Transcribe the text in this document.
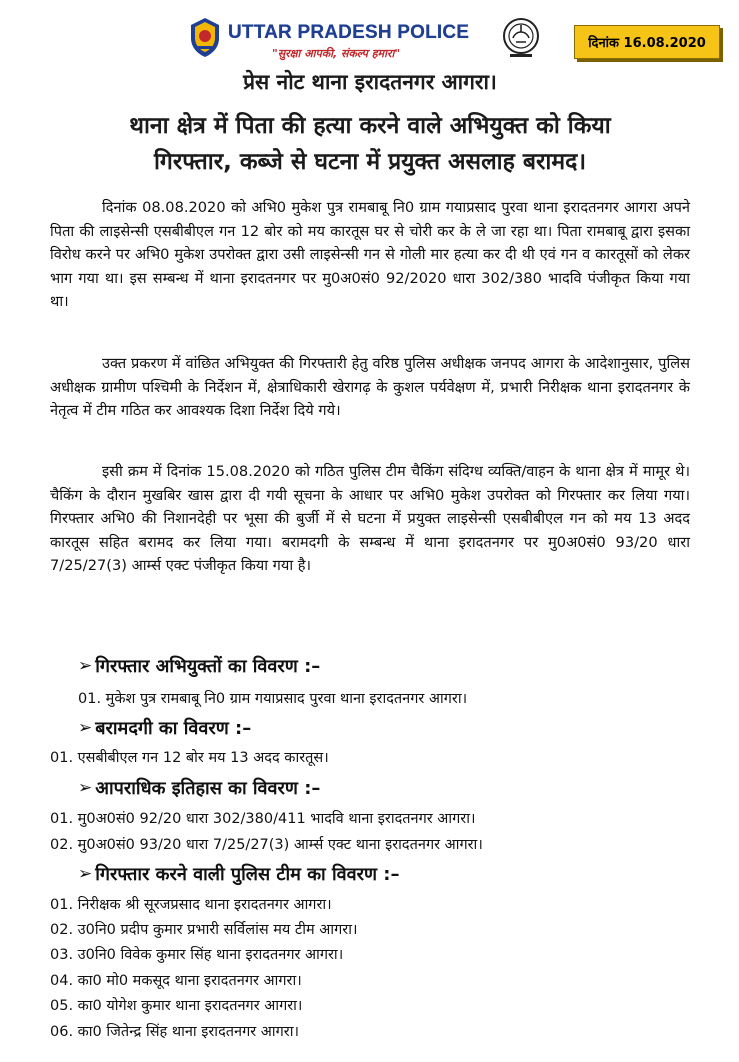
UTTAR PRADESH POLICE
"सुरक्षा आपकी, संकल्प हमारा"
दिनांक 16.08.2020
प्रेस नोट थाना इरादतनगर आगरा।
थाना क्षेत्र में पिता की हत्या करने वाले अभियुक्त को किया
गिरफ्तार, कब्जे से घटना में प्रयुक्त असलाह बरामद।

दिनांक 08.08.2020 को अभि0 मुकेश पुत्र रामबाबू नि0 ग्राम गयाप्रसाद पुरवा थाना इरादतनगर आगरा अपने पिता की लाइसेन्सी एसबीबीएल गन 12 बोर को मय कारतूस घर से चोरी कर के ले जा रहा था। पिता रामबाबू द्वारा इसका विरोध करने पर अभि0 मुकेश उपरोक्त द्वारा उसी लाइसेन्सी गन से गोली मार हत्या कर दी थी एवं गन व कारतूसों को लेकर भाग गया था। इस सम्बन्ध में थाना इरादतनगर पर मु0अ0सं0 92/2020 धारा 302/380 भादवि पंजीकृत किया गया था।

उक्त प्रकरण में वांछित अभियुक्त की गिरफ्तारी हेतु वरिष्ठ पुलिस अधीक्षक जनपद आगरा के आदेशानुसार, पुलिस अधीक्षक ग्रामीण पश्चिमी के निर्देशन में, क्षेत्राधिकारी खेरागढ़ के कुशल पर्यवेक्षण में, प्रभारी निरीक्षक थाना इरादतनगर के नेतृत्व में टीम गठित कर आवश्यक दिशा निर्देश दिये गये।

इसी क्रम में दिनांक 15.08.2020 को गठित पुलिस टीम चैकिंग संदिग्ध व्यक्ति/वाहन के थाना क्षेत्र में मामूर थे। चैकिंग के दौरान मुखबिर खास द्वारा दी गयी सूचना के आधार पर अभि0 मुकेश उपरोक्त को गिरफ्तार कर लिया गया। गिरफ्तार अभि0 की निशानदेही पर भूसा की बुर्जी में से घटना में प्रयुक्त लाइसेन्सी एसबीबीएल गन को मय 13 अदद कारतूस सहित बरामद कर लिया गया। बरामदगी के सम्बन्ध में थाना इरादतनगर पर मु0अ0सं0 93/20 धारा 7/25/27(3) आर्म्स एक्ट पंजीकृत किया गया है।

➢ गिरफ्तार अभियुक्तों का विवरण :–
01. मुकेश पुत्र रामबाबू नि0 ग्राम गयाप्रसाद पुरवा थाना इरादतनगर आगरा।
➢ बरामदगी का विवरण :–
01. एसबीबीएल गन 12 बोर मय 13 अदद कारतूस।
➢ आपराधिक इतिहास का विवरण :–
01. मु0अ0सं0 92/20 धारा 302/380/411 भादवि थाना इरादतनगर आगरा।
02. मु0अ0सं0 93/20 धारा 7/25/27(3) आर्म्स एक्ट थाना इरादतनगर आगरा।
➢ गिरफ्तार करने वाली पुलिस टीम का विवरण :–
01. निरीक्षक श्री सूरजप्रसाद थाना इरादतनगर आगरा।
02. उ0नि0 प्रदीप कुमार प्रभारी सर्विलांस मय टीम आगरा।
03. उ0नि0 विवेक कुमार सिंह थाना इरादतनगर आगरा।
04. का0 मो0 मकसूद थाना इरादतनगर आगरा।
05. का0 योगेश कुमार थाना इरादतनगर आगरा।
06. का0 जितेन्द्र सिंह थाना इरादतनगर आगरा।
